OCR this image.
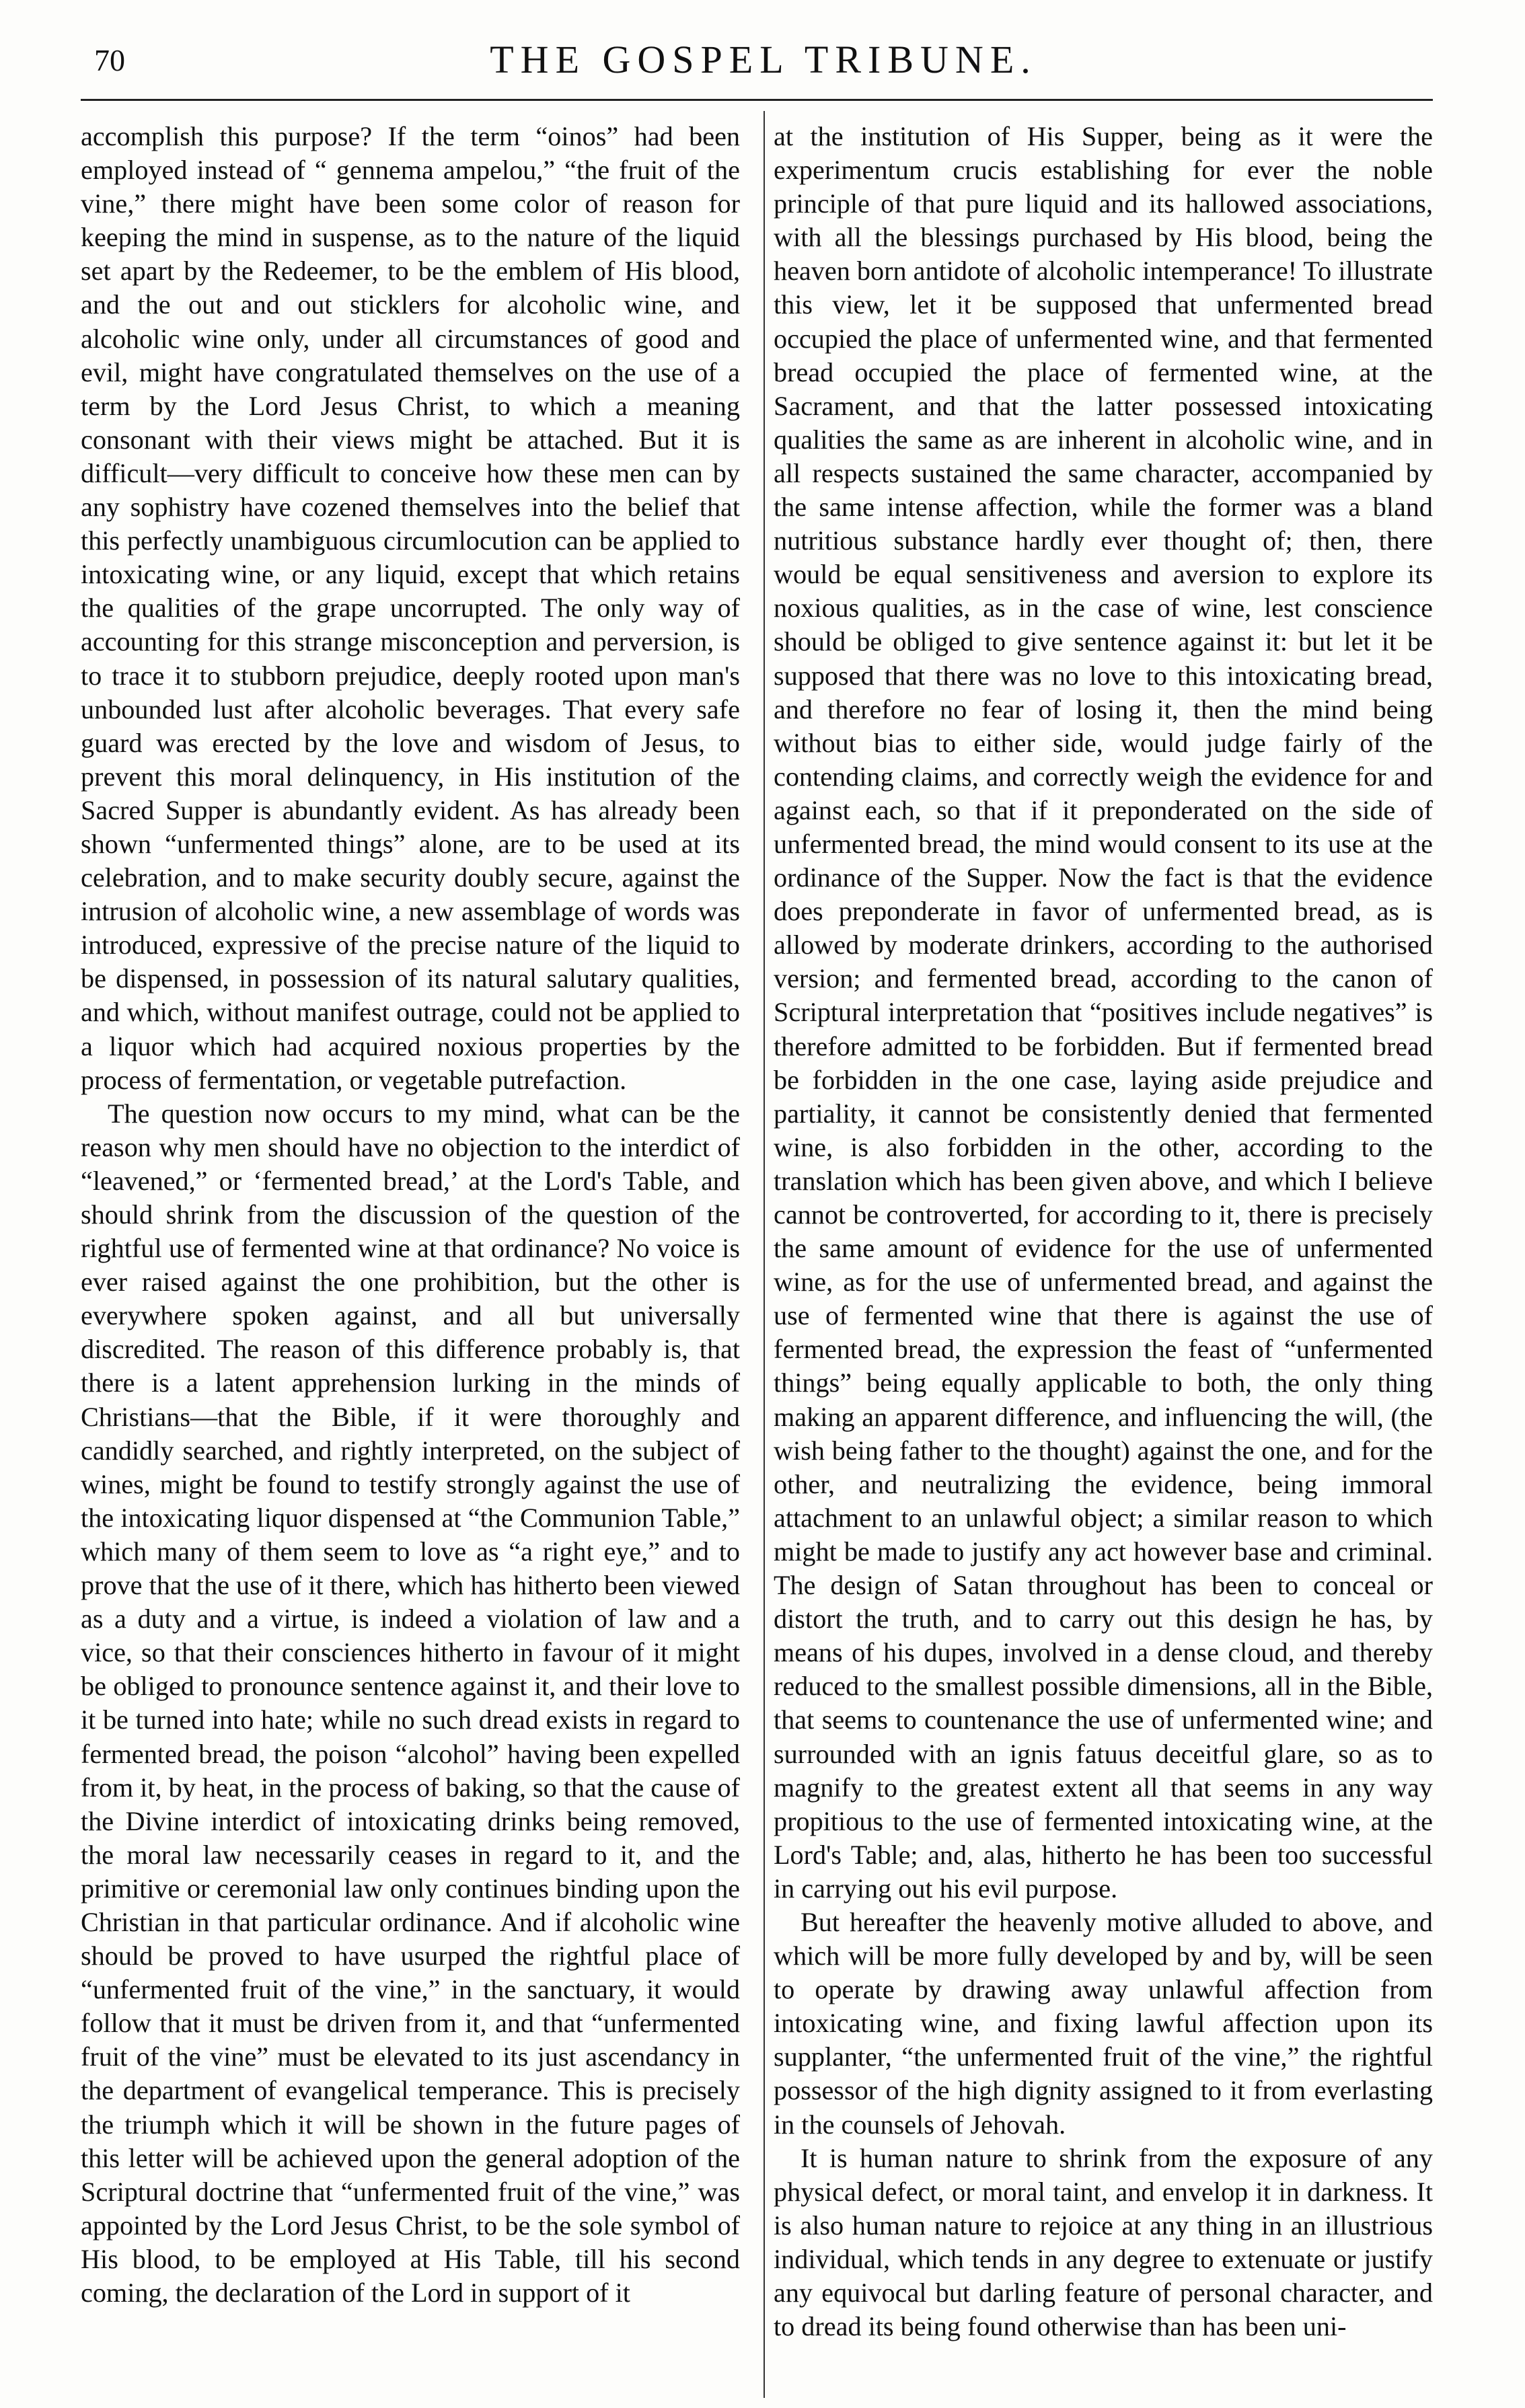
70	THE GOSPEL TRIBUNE.

accomplish this purpose? If the term “oinos” had been employed instead of “ gennema ampelou,” “the fruit of the vine,” there might have been some color of reason for keeping the mind in suspense, as to the nature of the liquid set apart by the Redeemer, to be the emblem of His blood, and the out and out sticklers for alcoholic wine, and alcoholic wine only, under all circumstances of good and evil, might have congratulated themselves on the use of a term by the Lord Jesus Christ, to which a meaning consonant with their views might be attached. But it is difficult—very difficult to conceive how these men can by any sophistry have cozened themselves into the belief that this perfectly unambiguous circumlocution can be applied to intoxicating wine, or any liquid, except that which retains the qualities of the grape uncorrupted. The only way of accounting for this strange misconception and perversion, is to trace it to stubborn prejudice, deeply rooted upon man's unbounded lust after alcoholic beverages. That every safe guard was erected by the love and wisdom of Jesus, to prevent this moral delinquency, in His institution of the Sacred Supper is abundantly evident. As has already been shown “unfermented things” alone, are to be used at its celebration, and to make security doubly secure, against the intrusion of alcoholic wine, a new assemblage of words was introduced, expressive of the precise nature of the liquid to be dispensed, in possession of its natural salutary qualities, and which, without manifest outrage, could not be applied to a liquor which had acquired noxious properties by the process of fermentation, or vegetable putrefaction.

The question now occurs to my mind, what can be the reason why men should have no objection to the interdict of “leavened,” or ‘fermented bread,’ at the Lord's Table, and should shrink from the discussion of the question of the rightful use of fermented wine at that ordinance? No voice is ever raised against the one prohibition, but the other is everywhere spoken against, and all but universally discredited. The reason of this difference probably is, that there is a latent apprehension lurking in the minds of Christians—that the Bible, if it were thoroughly and candidly searched, and rightly interpreted, on the subject of wines, might be found to testify strongly against the use of the intoxicating liquor dispensed at “the Communion Table,” which many of them seem to love as “a right eye,” and to prove that the use of it there, which has hitherto been viewed as a duty and a virtue, is indeed a violation of law and a vice, so that their consciences hitherto in favour of it might be obliged to pronounce sentence against it, and their love to it be turned into hate; while no such dread exists in regard to fermented bread, the poison “alcohol” having been expelled from it, by heat, in the process of baking, so that the cause of the Divine interdict of intoxicating drinks being removed, the moral law necessarily ceases in regard to it, and the primitive or ceremonial law only continues binding upon the Christian in that particular ordinance. And if alcoholic wine should be proved to have usurped the rightful place of “unfermented fruit of the vine,” in the sanctuary, it would follow that it must be driven from it, and that “unfermented fruit of the vine” must be elevated to its just ascendancy in the department of evangelical temperance. This is precisely the triumph which it will be shown in the future pages of this letter will be achieved upon the general adoption of the Scriptural doctrine that “unfermented fruit of the vine,” was appointed by the Lord Jesus Christ, to be the sole symbol of His blood, to be employed at His Table, till his second coming, the declaration of the Lord in support of it

at the institution of His Supper, being as it were the experimentum crucis establishing for ever the noble principle of that pure liquid and its hallowed associations, with all the blessings purchased by His blood, being the heaven born antidote of alcoholic intemperance! To illustrate this view, let it be supposed that unfermented bread occupied the place of unfermented wine, and that fermented bread occupied the place of fermented wine, at the Sacrament, and that the latter possessed intoxicating qualities the same as are inherent in alcoholic wine, and in all respects sustained the same character, accompanied by the same intense affection, while the former was a bland nutritious substance hardly ever thought of; then, there would be equal sensitiveness and aversion to explore its noxious qualities, as in the case of wine, lest conscience should be obliged to give sentence against it: but let it be supposed that there was no love to this intoxicating bread, and therefore no fear of losing it, then the mind being without bias to either side, would judge fairly of the contending claims, and correctly weigh the evidence for and against each, so that if it preponderated on the side of unfermented bread, the mind would consent to its use at the ordinance of the Supper. Now the fact is that the evidence does preponderate in favor of unfermented bread, as is allowed by moderate drinkers, according to the authorised version; and fermented bread, according to the canon of Scriptural interpretation that “positives include negatives” is therefore admitted to be forbidden. But if fermented bread be forbidden in the one case, laying aside prejudice and partiality, it cannot be consistently denied that fermented wine, is also forbidden in the other, according to the translation which has been given above, and which I believe cannot be controverted, for according to it, there is precisely the same amount of evidence for the use of unfermented wine, as for the use of unfermented bread, and against the use of fermented wine that there is against the use of fermented bread, the expression the feast of “unfermented things” being equally applicable to both, the only thing making an apparent difference, and influencing the will, (the wish being father to the thought) against the one, and for the other, and neutralizing the evidence, being immoral attachment to an unlawful object; a similar reason to which might be made to justify any act however base and criminal. The design of Satan throughout has been to conceal or distort the truth, and to carry out this design he has, by means of his dupes, involved in a dense cloud, and thereby reduced to the smallest possible dimensions, all in the Bible, that seems to countenance the use of unfermented wine; and surrounded with an ignis fatuus deceitful glare, so as to magnify to the greatest extent all that seems in any way propitious to the use of fermented intoxicating wine, at the Lord's Table; and, alas, hitherto he has been too successful in carrying out his evil purpose.

But hereafter the heavenly motive alluded to above, and which will be more fully developed by and by, will be seen to operate by drawing away unlawful affection from intoxicating wine, and fixing lawful affection upon its supplanter, “the unfermented fruit of the vine,” the rightful possessor of the high dignity assigned to it from everlasting in the counsels of Jehovah.

It is human nature to shrink from the exposure of any physical defect, or moral taint, and envelop it in darkness. It is also human nature to rejoice at any thing in an illustrious individual, which tends in any degree to extenuate or justify any equivocal but darling feature of personal character, and to dread its being found otherwise than has been uni-
